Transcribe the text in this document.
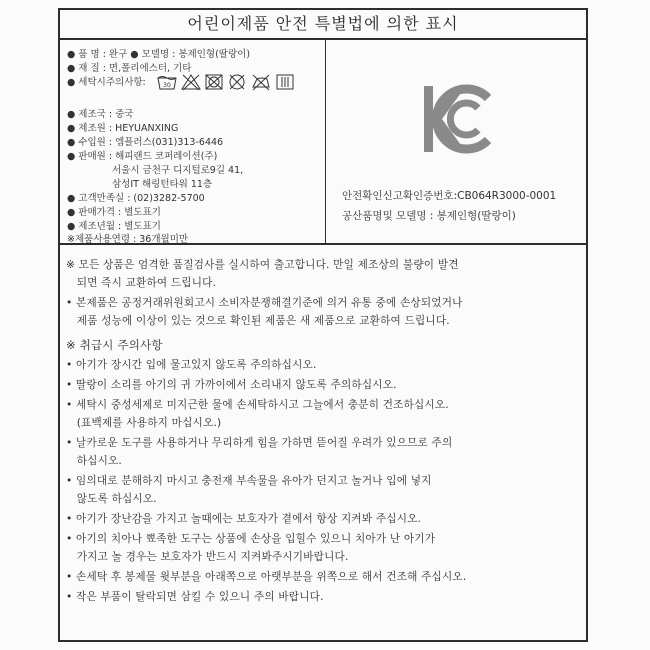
어린이제품 안전 특별법에 의한 표시
● 품 명 : 완구 ● 모델명 : 봉제인형(딸랑이)
● 재 질 : 면,폴리에스터, 기타
● 세탁시주의사항:	30
● 제조국 : 중국
● 제조원 : HEYUANXING
● 수입원 : 엠플러스(031)313-6446
● 판매원 : 해피랜드 코퍼레이션(주)
서울시 금천구 디지털로9길 41,
삼성IT 해링턴타워 11층
● 고객만족실 : (02)3282-5700
● 판매가격 : 별도표기
● 제조년월 : 별도표기
※제품사용연령 : 36개월미만
안전확인신고확인증번호:CB064R3000-0001
공산품명및 모델명 : 봉제인형(딸랑이)
※ 모든 상품은 엄격한 품질검사를 실시하여 출고합니다. 만일 제조상의 불량이 발견
되면 즉시 교환하여 드립니다.
• 본제품은 공정거래위원회고시 소비자분쟁해결기준에 의거 유통 중에 손상되었거나
제품 성능에 이상이 있는 것으로 확인된 제품은 새 제품으로 교환하여 드립니다.
※ 취급시 주의사항
• 아기가 장시간 입에 물고있지 않도록 주의하십시오.
• 딸랑이 소리를 아기의 귀 가까이에서 소리내지 않도록 주의하십시오.
• 세탁시 중성세제로 미지근한 물에 손세탁하시고 그늘에서 충분히 건조하십시오.
(표백제를 사용하지 마십시오.)
• 날카로운 도구를 사용하거나 무리하게 힘을 가하면 뜯어질 우려가 있으므로 주의
하십시오.
• 임의대로 분해하지 마시고 충전재 부속물을 유아가 던지고 놀거나 입에 넣지
않도록 하십시오.
• 아기가 장난감을 가지고 놀때에는 보호자가 곁에서 항상 지켜봐 주십시오.
• 아기의 치아나 뾰족한 도구는 상품에 손상을 입힐수 있으니 치아가 난 아기가
가지고 놀 경우는 보호자가 반드시 지켜봐주시기바랍니다.
• 손세탁 후 봉제물 윗부분을 아래쪽으로 아랫부분을 위쪽으로 해서 건조해 주십시오.
• 작은 부품이 탈락되면 삼킬 수 있으니 주의 바랍니다.
